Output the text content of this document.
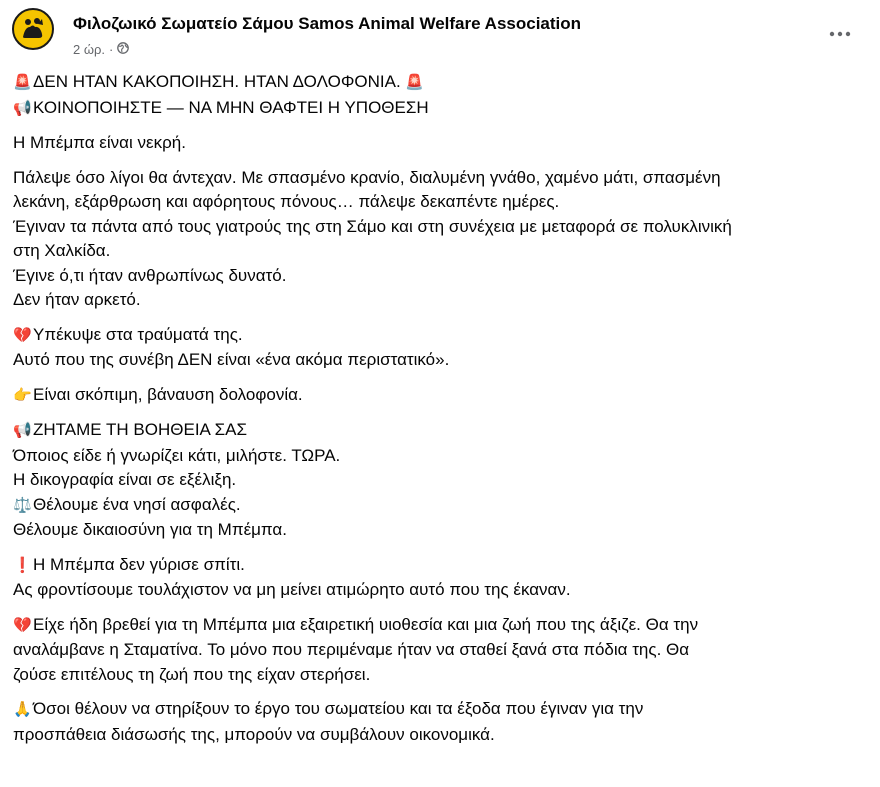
Φιλοζωικό Σωματείο Σάμου Samos Animal Welfare Association
2 ώρ. ·
🚨ΔΕΝ ΗΤΑΝ ΚΑΚΟΠΟΙΗΣΗ. ΗΤΑΝ ΔΟΛΟΦΟΝΙΑ. 🚨
📢ΚΟΙΝΟΠΟΙΗΣΤΕ — ΝΑ ΜΗΝ ΘΑΦΤΕΙ Η ΥΠΟΘΕΣΗ
Η Μπέμπα είναι νεκρή.
Πάλεψε όσο λίγοι θα άντεχαν. Με σπασμένο κρανίο, διαλυμένη γνάθο, χαμένο μάτι, σπασμένη
λεκάνη, εξάρθρωση και αφόρητους πόνους… πάλεψε δεκαπέντε ημέρες.
Έγιναν τα πάντα από τους γιατρούς της στη Σάμο και στη συνέχεια με μεταφορά σε πολυκλινική
στη Χαλκίδα.
Έγινε ό,τι ήταν ανθρωπίνως δυνατό.
Δεν ήταν αρκετό.
💔Υπέκυψε στα τραύματά της.
Αυτό που της συνέβη ΔΕΝ είναι «ένα ακόμα περιστατικό».
👉Είναι σκόπιμη, βάναυση δολοφονία.
📢ΖΗΤΑΜΕ ΤΗ ΒΟΗΘΕΙΑ ΣΑΣ
Όποιος είδε ή γνωρίζει κάτι, μιλήστε. ΤΩΡΑ.
Η δικογραφία είναι σε εξέλιξη.
⚖️Θέλουμε ένα νησί ασφαλές.
Θέλουμε δικαιοσύνη για τη Μπέμπα.
❗Η Μπέμπα δεν γύρισε σπίτι.
Ας φροντίσουμε τουλάχιστον να μη μείνει ατιμώρητο αυτό που της έκαναν.
💔Είχε ήδη βρεθεί για τη Μπέμπα μια εξαιρετική υιοθεσία και μια ζωή που της άξιζε. Θα την
αναλάμβανε η Σταματίνα. Το μόνο που περιμέναμε ήταν να σταθεί ξανά στα πόδια της. Θα
ζούσε επιτέλους τη ζωή που της είχαν στερήσει.
🙏Όσοι θέλουν να στηρίξουν το έργο του σωματείου και τα έξοδα που έγιναν για την
προσπάθεια διάσωσής της, μπορούν να συμβάλουν οικονομικά.
